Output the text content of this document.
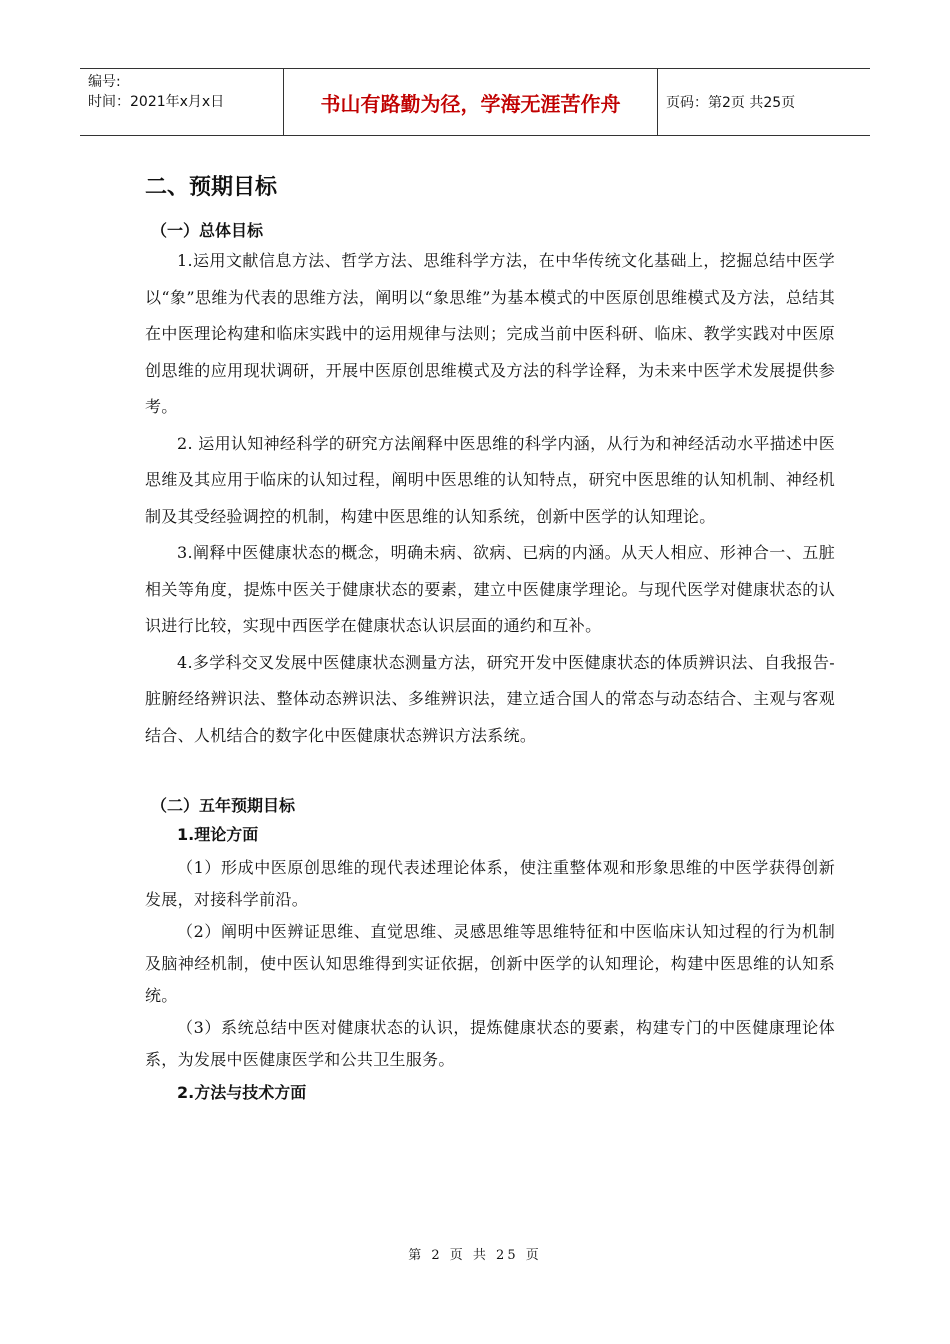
编号:
时间：2021年x月x日	书山有路勤为径，学海无涯苦作舟	页码：第2页 共25页
二、预期目标
（一）总体目标

1.运用文献信息方法、哲学方法、思维科学方法，在中华传统文化基础上，挖掘总结中医学以“象”思维为代表的思维方法，阐明以“象思维”为基本模式的中医原创思维模式及方法，总结其在中医理论构建和临床实践中的运用规律与法则；完成当前中医科研、临床、教学实践对中医原创思维的应用现状调研，开展中医原创思维模式及方法的科学诠释，为未来中医学术发展提供参考。

2. 运用认知神经科学的研究方法阐释中医思维的科学内涵，从行为和神经活动水平描述中医思维及其应用于临床的认知过程，阐明中医思维的认知特点，研究中医思维的认知机制、神经机制及其受经验调控的机制，构建中医思维的认知系统，创新中医学的认知理论。

3.阐释中医健康状态的概念，明确未病、欲病、已病的内涵。从天人相应、形神合一、五脏相关等角度，提炼中医关于健康状态的要素，建立中医健康学理论。与现代医学对健康状态的认识进行比较，实现中西医学在健康状态认识层面的通约和互补。

4.多学科交叉发展中医健康状态测量方法，研究开发中医健康状态的体质辨识法、自我报告-脏腑经络辨识法、整体动态辨识法、多维辨识法，建立适合国人的常态与动态结合、主观与客观结合、人机结合的数字化中医健康状态辨识方法系统。

（二）五年预期目标
1.理论方面

（1）形成中医原创思维的现代表述理论体系，使注重整体观和形象思维的中医学获得创新发展，对接科学前沿。

（2）阐明中医辨证思维、直觉思维、灵感思维等思维特征和中医临床认知过程的行为机制及脑神经机制，使中医认知思维得到实证依据，创新中医学的认知理论，构建中医思维的认知系统。

（3）系统总结中医对健康状态的认识，提炼健康状态的要素，构建专门的中医健康理论体系，为发展中医健康医学和公共卫生服务。

2.方法与技术方面
第 2 页 共 25 页
